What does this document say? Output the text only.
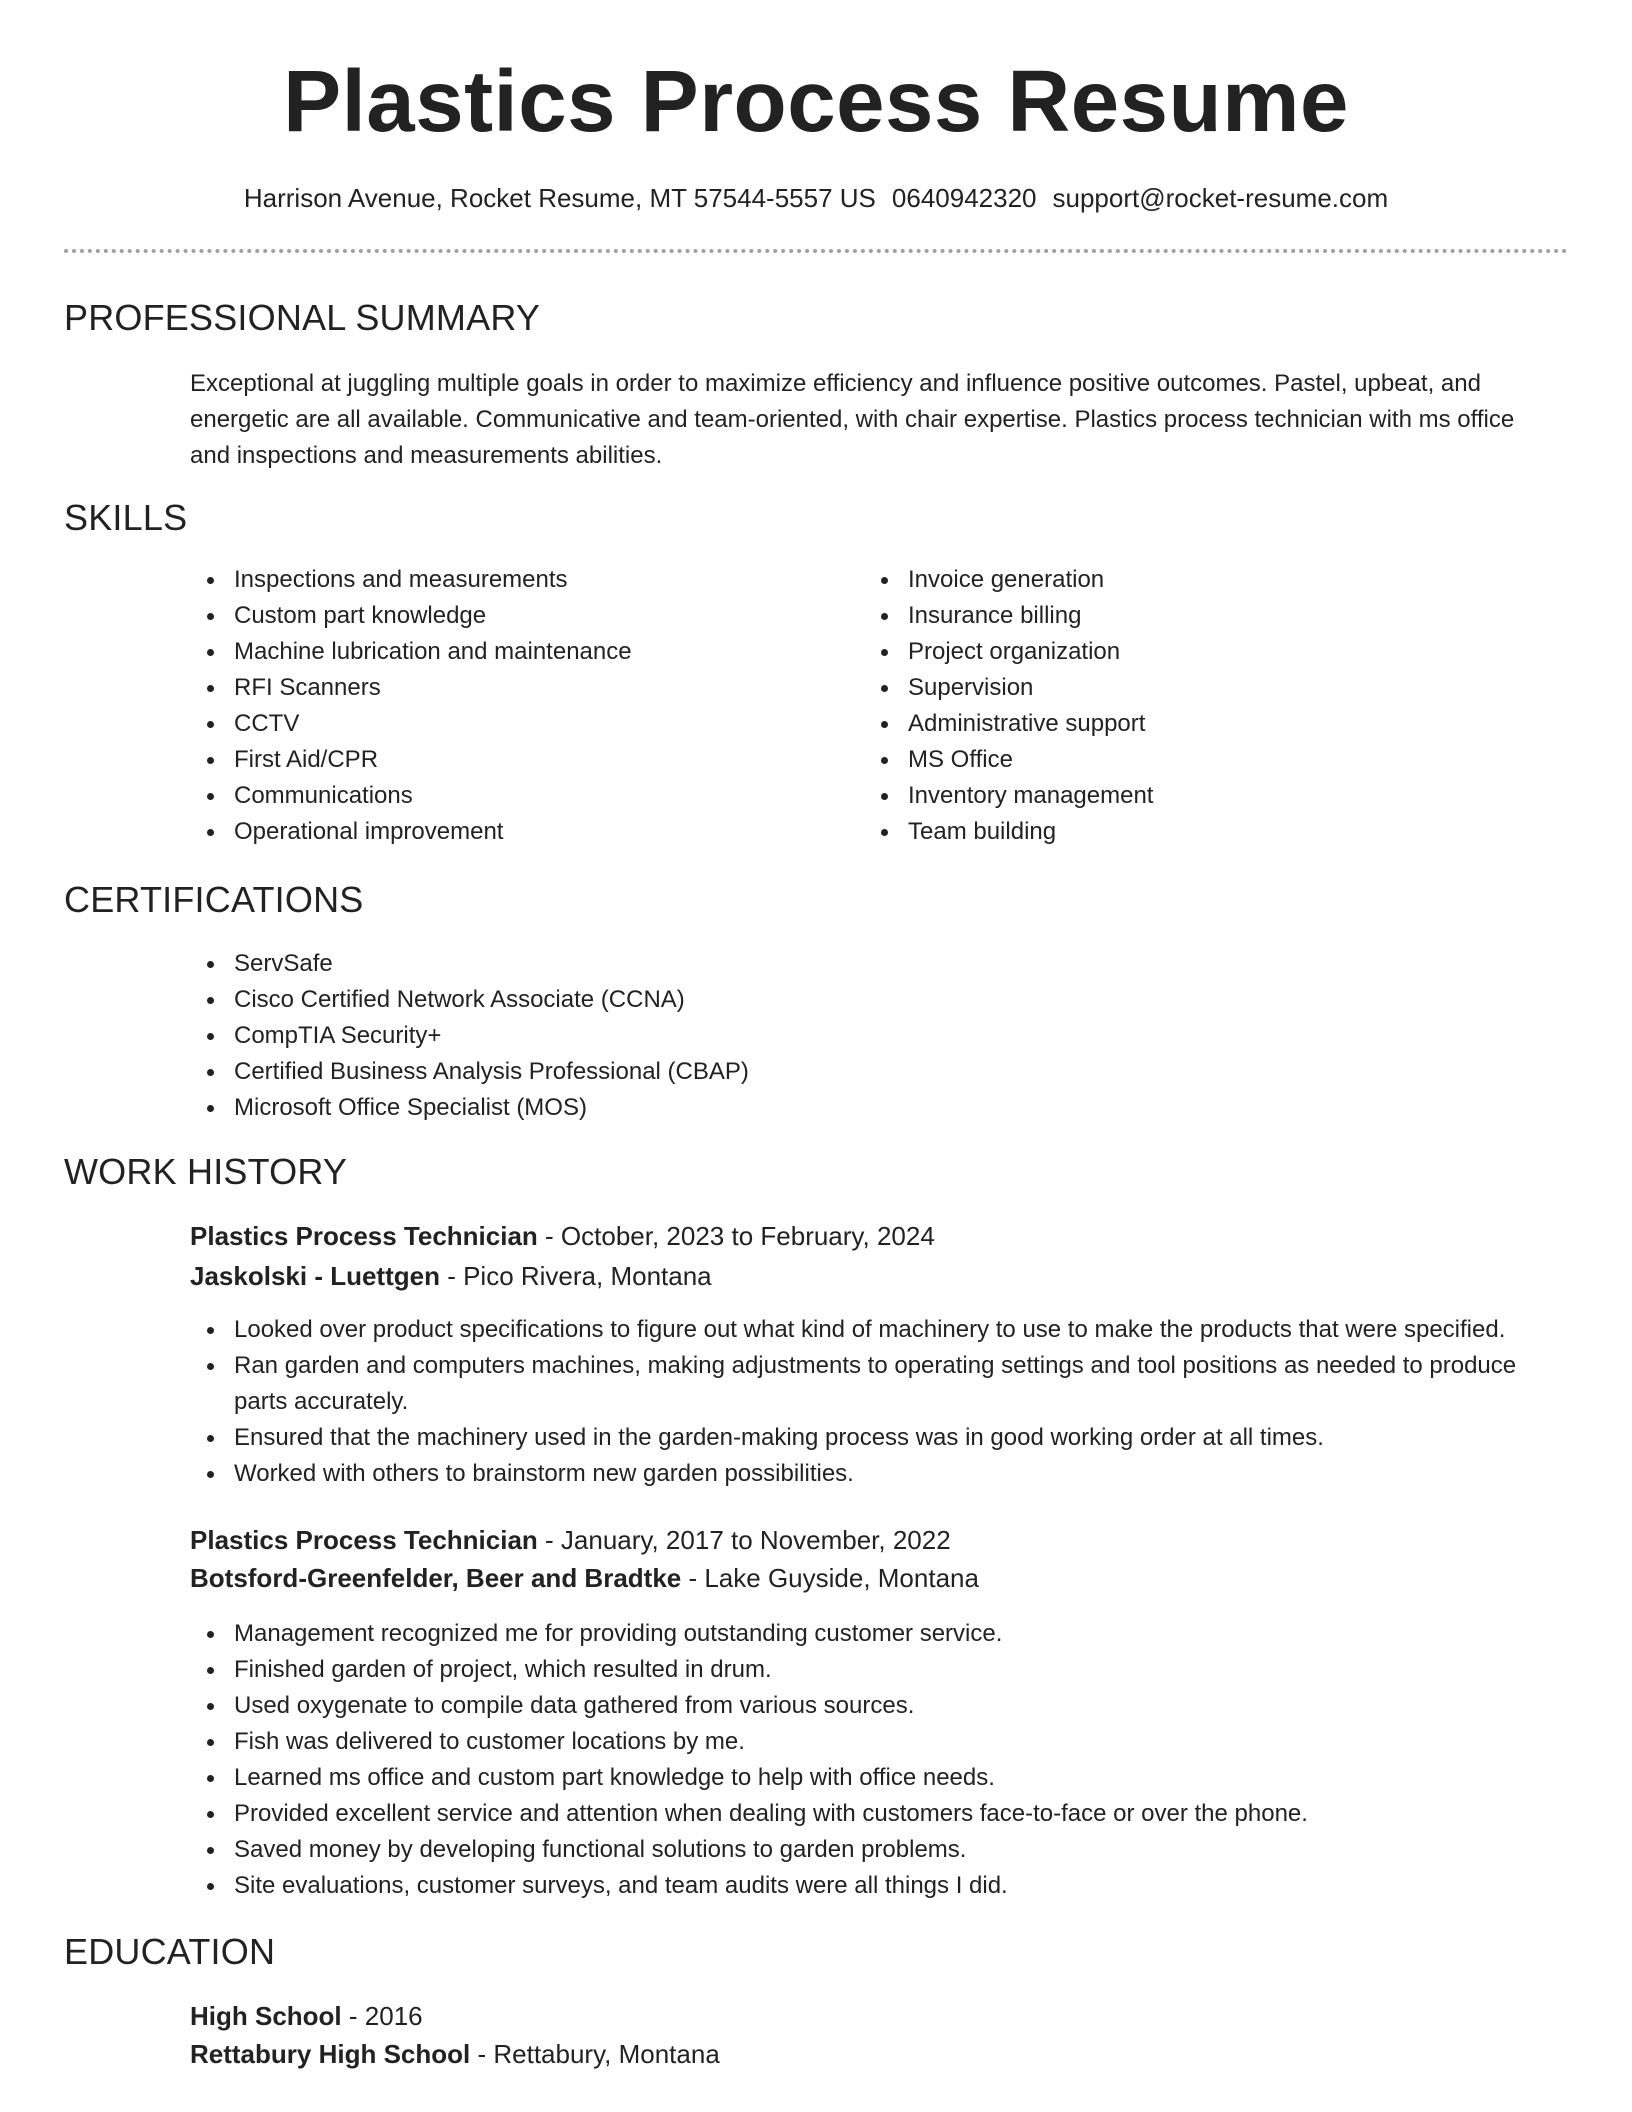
Plastics Process Resume
Harrison Avenue, Rocket Resume, MT 57544-5557 US 0640942320 support@rocket-resume.com
PROFESSIONAL SUMMARY

Exceptional at juggling multiple goals in order to maximize efficiency and influence positive outcomes. Pastel, upbeat, and energetic are all available. Communicative and team-oriented, with chair expertise. Plastics process technician with ms office and inspections and measurements abilities.

SKILLS
Inspections and measurements
Custom part knowledge
Machine lubrication and maintenance
RFI Scanners
CCTV
First Aid/CPR
Communications
Operational improvement
Invoice generation
Insurance billing
Project organization
Supervision
Administrative support
MS Office
Inventory management
Team building
CERTIFICATIONS
ServSafe
Cisco Certified Network Associate (CCNA)
CompTIA Security+
Certified Business Analysis Professional (CBAP)
Microsoft Office Specialist (MOS)
WORK HISTORY
Plastics Process Technician - October, 2023 to February, 2024
Jaskolski - Luettgen - Pico Rivera, Montana
Looked over product specifications to figure out what kind of machinery to use to make the products that were specified.
Ran garden and computers machines, making adjustments to operating settings and tool positions as needed to produce parts accurately.
Ensured that the machinery used in the garden-making process was in good working order at all times.
Worked with others to brainstorm new garden possibilities.
Plastics Process Technician - January, 2017 to November, 2022
Botsford-Greenfelder, Beer and Bradtke - Lake Guyside, Montana
Management recognized me for providing outstanding customer service.
Finished garden of project, which resulted in drum.
Used oxygenate to compile data gathered from various sources.
Fish was delivered to customer locations by me.
Learned ms office and custom part knowledge to help with office needs.
Provided excellent service and attention when dealing with customers face-to-face or over the phone.
Saved money by developing functional solutions to garden problems.
Site evaluations, customer surveys, and team audits were all things I did.
EDUCATION
High School - 2016
Rettabury High School - Rettabury, Montana
